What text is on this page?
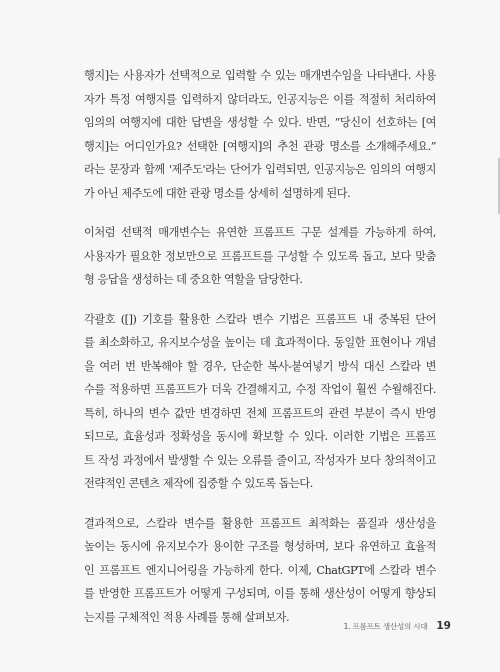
행지]는 사용자가 선택적으로 입력할 수 있는 매개변수임을 나타낸다. 사용
자가 특정 여행지를 입력하지 않더라도, 인공지능은 이를 적절히 처리하여
임의의 여행지에 대한 답변을 생성할 수 있다. 반면, “당신이 선호하는 [여
행지]는 어디인가요? 선택한 [여행지]의 추천 관광 명소를 소개해주세요.”
라는 문장과 함께 '제주도'라는 단어가 입력되면, 인공지능은 임의의 여행지
가 아닌 제주도에 대한 관광 명소를 상세히 설명하게 된다.
이처럼 선택적 매개변수는 유연한 프롬프트 구문 설계를 가능하게 하여,
사용자가 필요한 정보만으로 프롬프트를 구성할 수 있도록 돕고, 보다 맞춤
형 응답을 생성하는 데 중요한 역할을 담당한다.
각괄호 ([]) 기호를 활용한 스칼라 변수 기법은 프롬프트 내 중복된 단어
를 최소화하고, 유지보수성을 높이는 데 효과적이다. 동일한 표현이나 개념
을 여러 번 반복해야 할 경우, 단순한 복사-붙여넣기 방식 대신 스칼라 변
수를 적용하면 프롬프트가 더욱 간결해지고, 수정 작업이 훨씬 수월해진다.
특히, 하나의 변수 값만 변경하면 전체 프롬프트의 관련 부분이 즉시 반영
되므로, 효율성과 정확성을 동시에 확보할 수 있다. 이러한 기법은 프롬프
트 작성 과정에서 발생할 수 있는 오류를 줄이고, 작성자가 보다 창의적이고
전략적인 콘텐츠 제작에 집중할 수 있도록 돕는다.
결과적으로, 스칼라 변수를 활용한 프롬프트 최적화는 품질과 생산성을
높이는 동시에 유지보수가 용이한 구조를 형성하며, 보다 유연하고 효율적
인 프롬프트 엔지니어링을 가능하게 한다. 이제, ChatGPT에 스칼라 변수
를 반영한 프롬프트가 어떻게 구성되며, 이를 통해 생산성이 어떻게 향상되
는지를 구체적인 적용 사례를 통해 살펴보자.
1. 프롬프트 생산성의 시대 19
